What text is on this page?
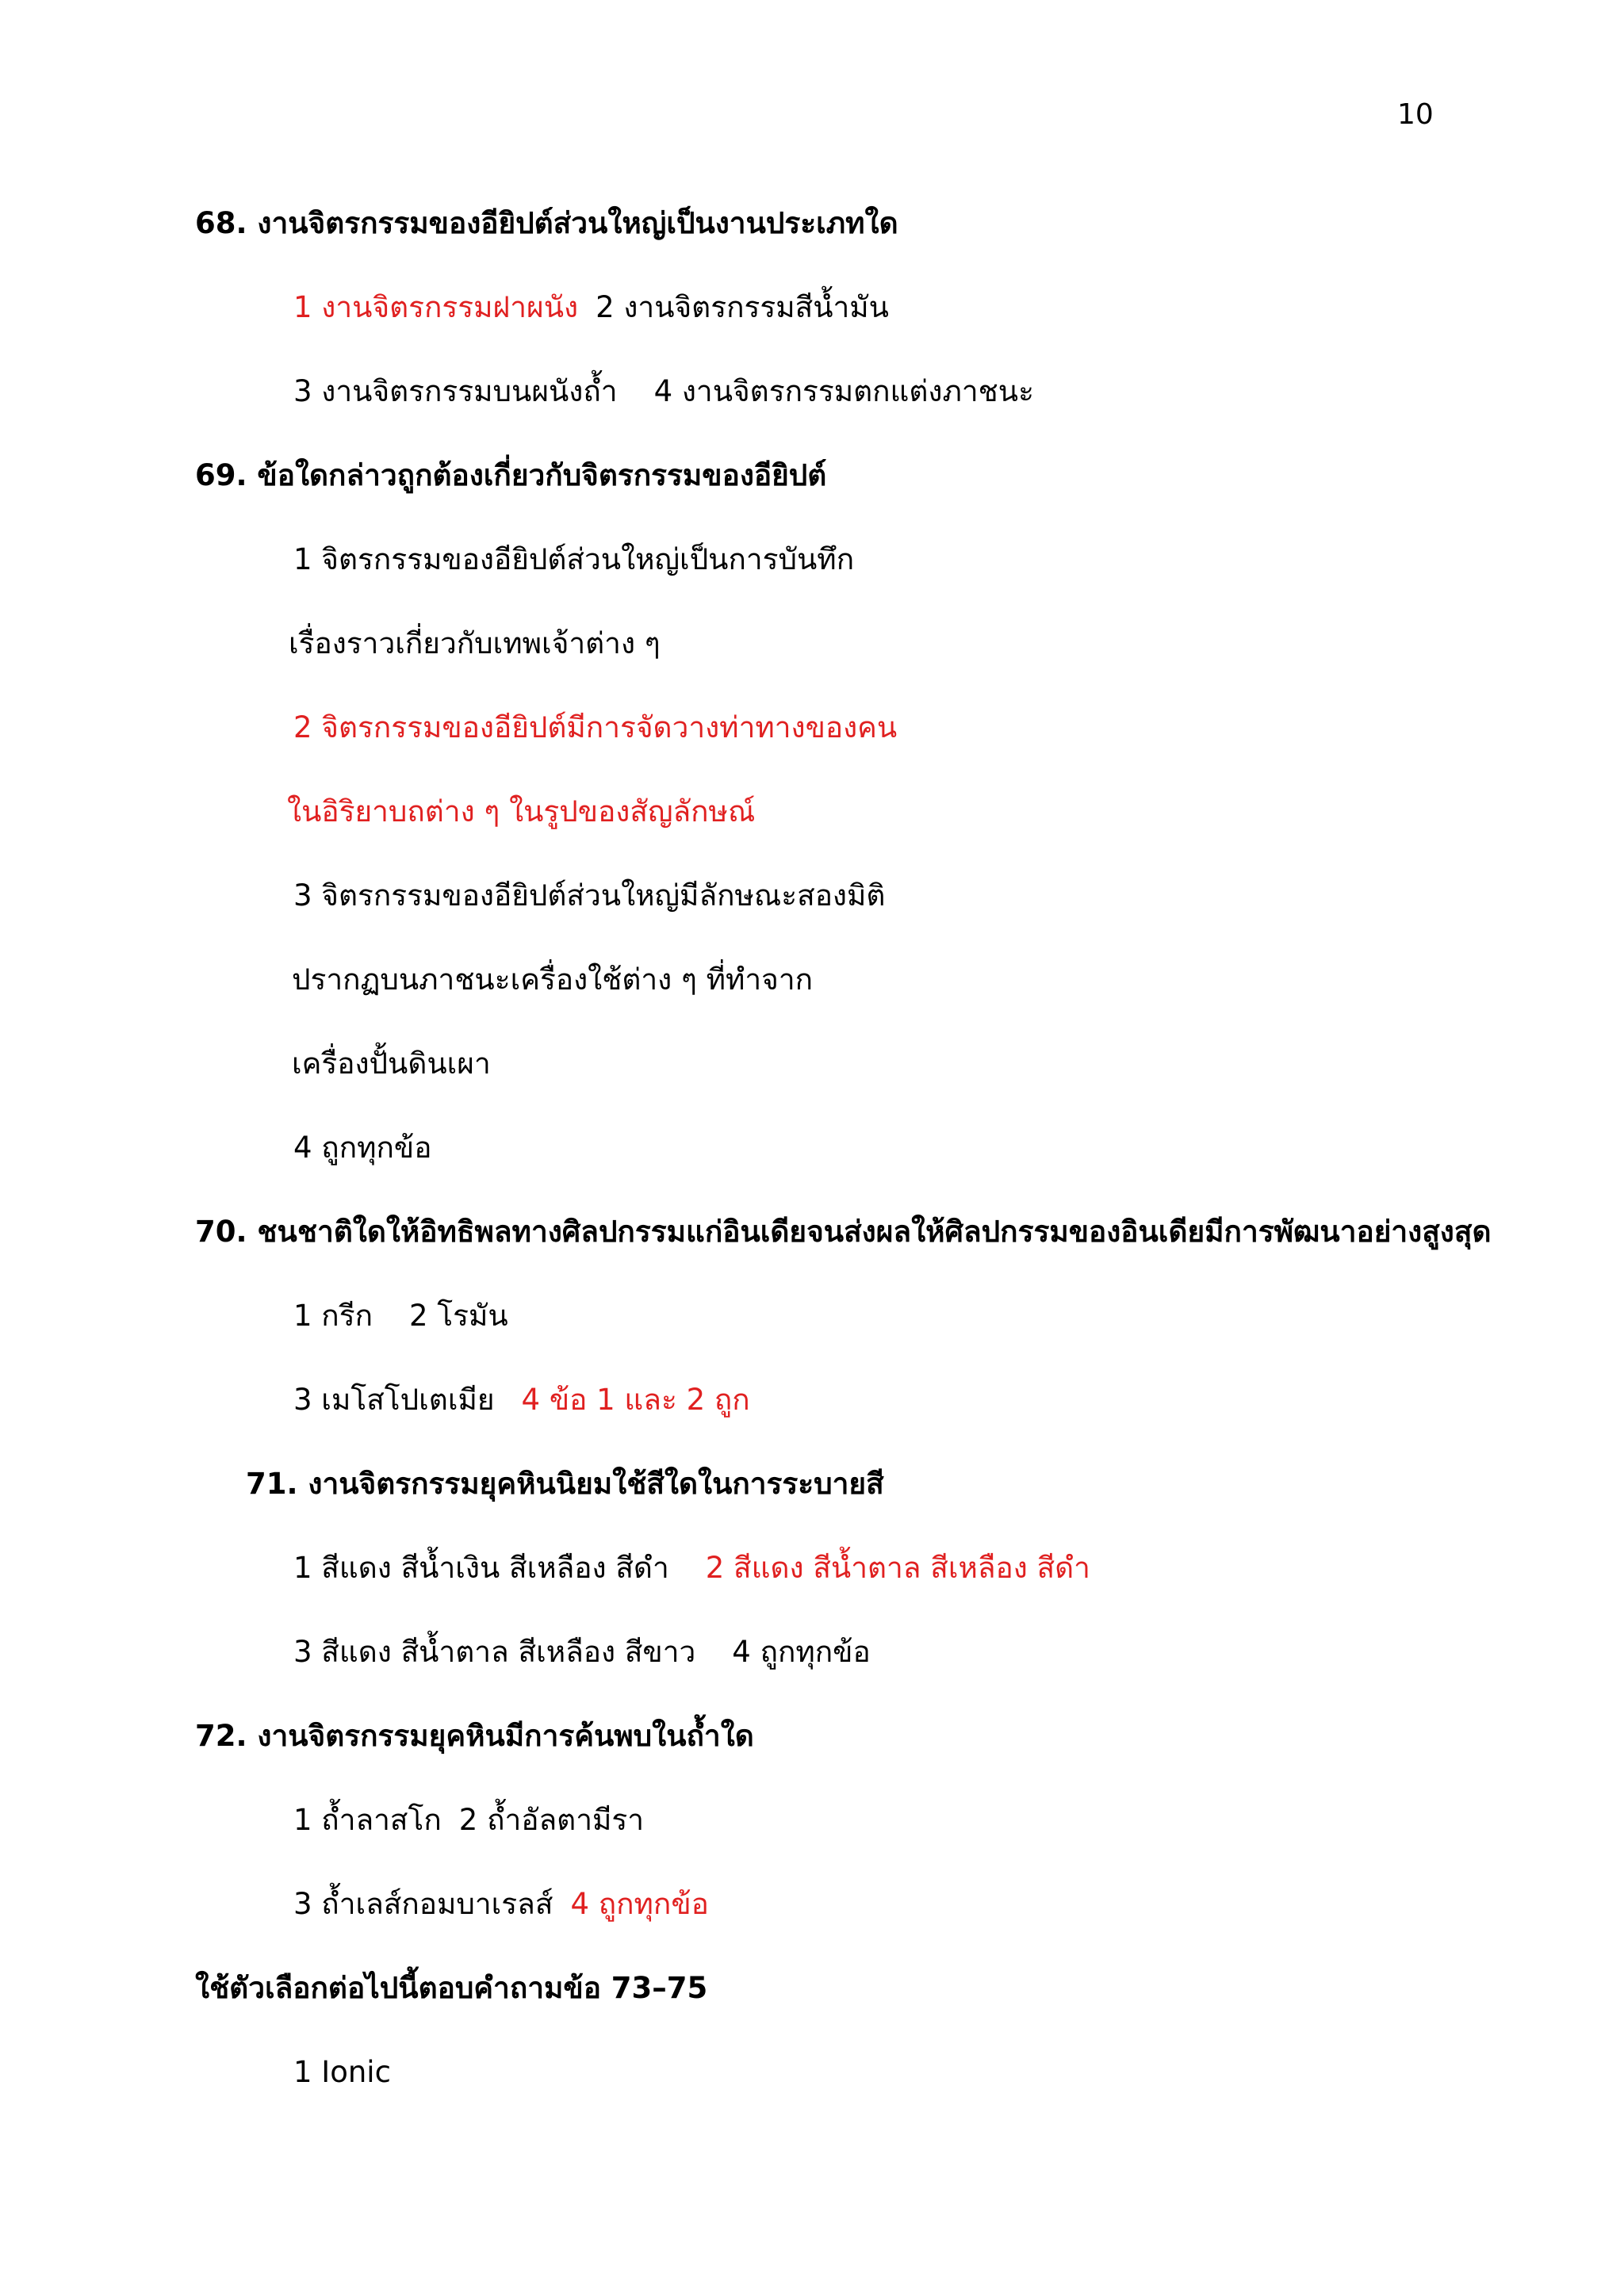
10
68. งานจิตรกรรมของอียิปต์ส่วนใหญ่เป็นงานประเภทใด
1 งานจิตรกรรมฝาผนัง 2 งานจิตรกรรมสีน้ำมัน
3 งานจิตรกรรมบนผนังถ้ำ 4 งานจิตรกรรมตกแต่งภาชนะ
69. ข้อใดกล่าวถูกต้องเกี่ยวกับจิตรกรรมของอียิปต์
1 จิตรกรรมของอียิปต์ส่วนใหญ่เป็นการบันทึก
เรื่องราวเกี่ยวกับเทพเจ้าต่าง ๆ
2 จิตรกรรมของอียิปต์มีการจัดวางท่าทางของคน
ในอิริยาบถต่าง ๆ ในรูปของสัญลักษณ์
3 จิตรกรรมของอียิปต์ส่วนใหญ่มีลักษณะสองมิติ
ปรากฏบนภาชนะเครื่องใช้ต่าง ๆ ที่ทำจาก
เครื่องปั้นดินเผา
4 ถูกทุกข้อ
70. ชนชาติใดให้อิทธิพลทางศิลปกรรมแก่อินเดียจนส่งผลให้ศิลปกรรมของอินเดียมีการพัฒนาอย่างสูงสุด
1 กรีก 2 โรมัน
3 เมโสโปเตเมีย 4 ข้อ 1 และ 2 ถูก
71. งานจิตรกรรมยุคหินนิยมใช้สีใดในการระบายสี
1 สีแดง สีน้ำเงิน สีเหลือง สีดำ 2 สีแดง สีน้ำตาล สีเหลือง สีดำ
3 สีแดง สีน้ำตาล สีเหลือง สีขาว 4 ถูกทุกข้อ
72. งานจิตรกรรมยุคหินมีการค้นพบในถ้ำใด
1 ถ้ำลาสโก 2 ถ้ำอัลตามีรา
3 ถ้ำเลส์กอมบาเรลส์ 4 ถูกทุกข้อ
ใช้ตัวเลือกต่อไปนี้ตอบคำถามข้อ 73–75
1 Ionic
